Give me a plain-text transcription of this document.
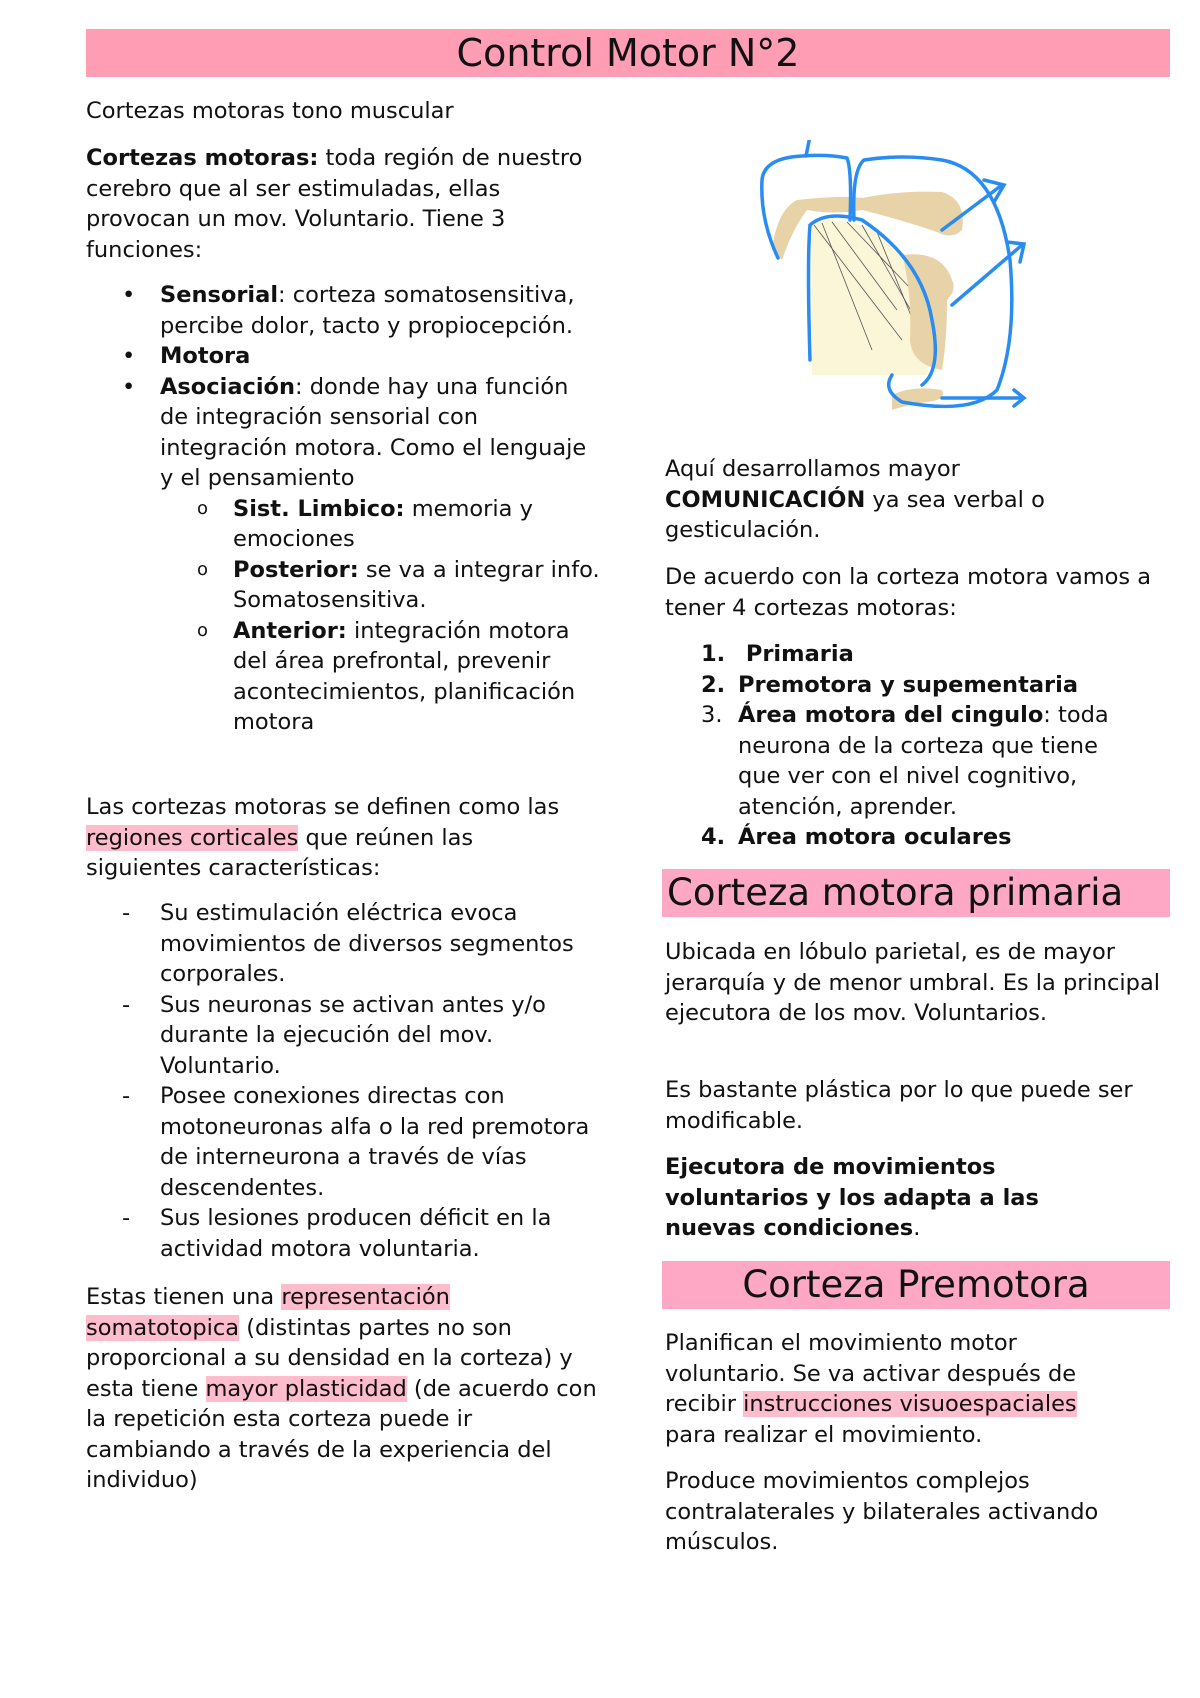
Control Motor N°2

Cortezas motoras tono muscular

Cortezas motoras: toda región de nuestro cerebro que al ser estimuladas, ellas provocan un mov. Voluntario. Tiene 3 funciones:

• Sensorial: corteza somatosensitiva, percibe dolor, tacto y propiocepción.
• Motora
• Asociación: donde hay una función de integración sensorial con integración motora. Como el lenguaje y el pensamiento
o Sist. Limbico: memoria y emociones
o Posterior: se va a integrar info. Somatosensitiva.
o Anterior: integración motora del área prefrontal, prevenir acontecimientos, planificación motora

Las cortezas motoras se definen como las regiones corticales que reúnen las siguientes características:

- Su estimulación eléctrica evoca movimientos de diversos segmentos corporales.
- Sus neuronas se activan antes y/o durante la ejecución del mov. Voluntario.
- Posee conexiones directas con motoneuronas alfa o la red premotora de interneurona a través de vías descendentes.
- Sus lesiones producen déficit en la actividad motora voluntaria.

Estas tienen una representación somatotopica (distintas partes no son proporcional a su densidad en la corteza) y esta tiene mayor plasticidad (de acuerdo con la repetición esta corteza puede ir cambiando a través de la experiencia del individuo)

Aquí desarrollamos mayor COMUNICACIÓN ya sea verbal o gesticulación.

De acuerdo con la corteza motora vamos a tener 4 cortezas motoras:

1. Primaria
2. Premotora y supementaria
3. Área motora del cingulo: toda neurona de la corteza que tiene que ver con el nivel cognitivo, atención, aprender.
4. Área motora oculares
Corteza motora primaria

Ubicada en lóbulo parietal, es de mayor jerarquía y de menor umbral. Es la principal ejecutora de los mov. Voluntarios.

Es bastante plástica por lo que puede ser modificable.

Ejecutora de movimientos voluntarios y los adapta a las nuevas condiciones.

Corteza Premotora

Planifican el movimiento motor voluntario. Se va activar después de recibir instrucciones visuoespaciales para realizar el movimiento.

Produce movimientos complejos contralaterales y bilaterales activando músculos.
